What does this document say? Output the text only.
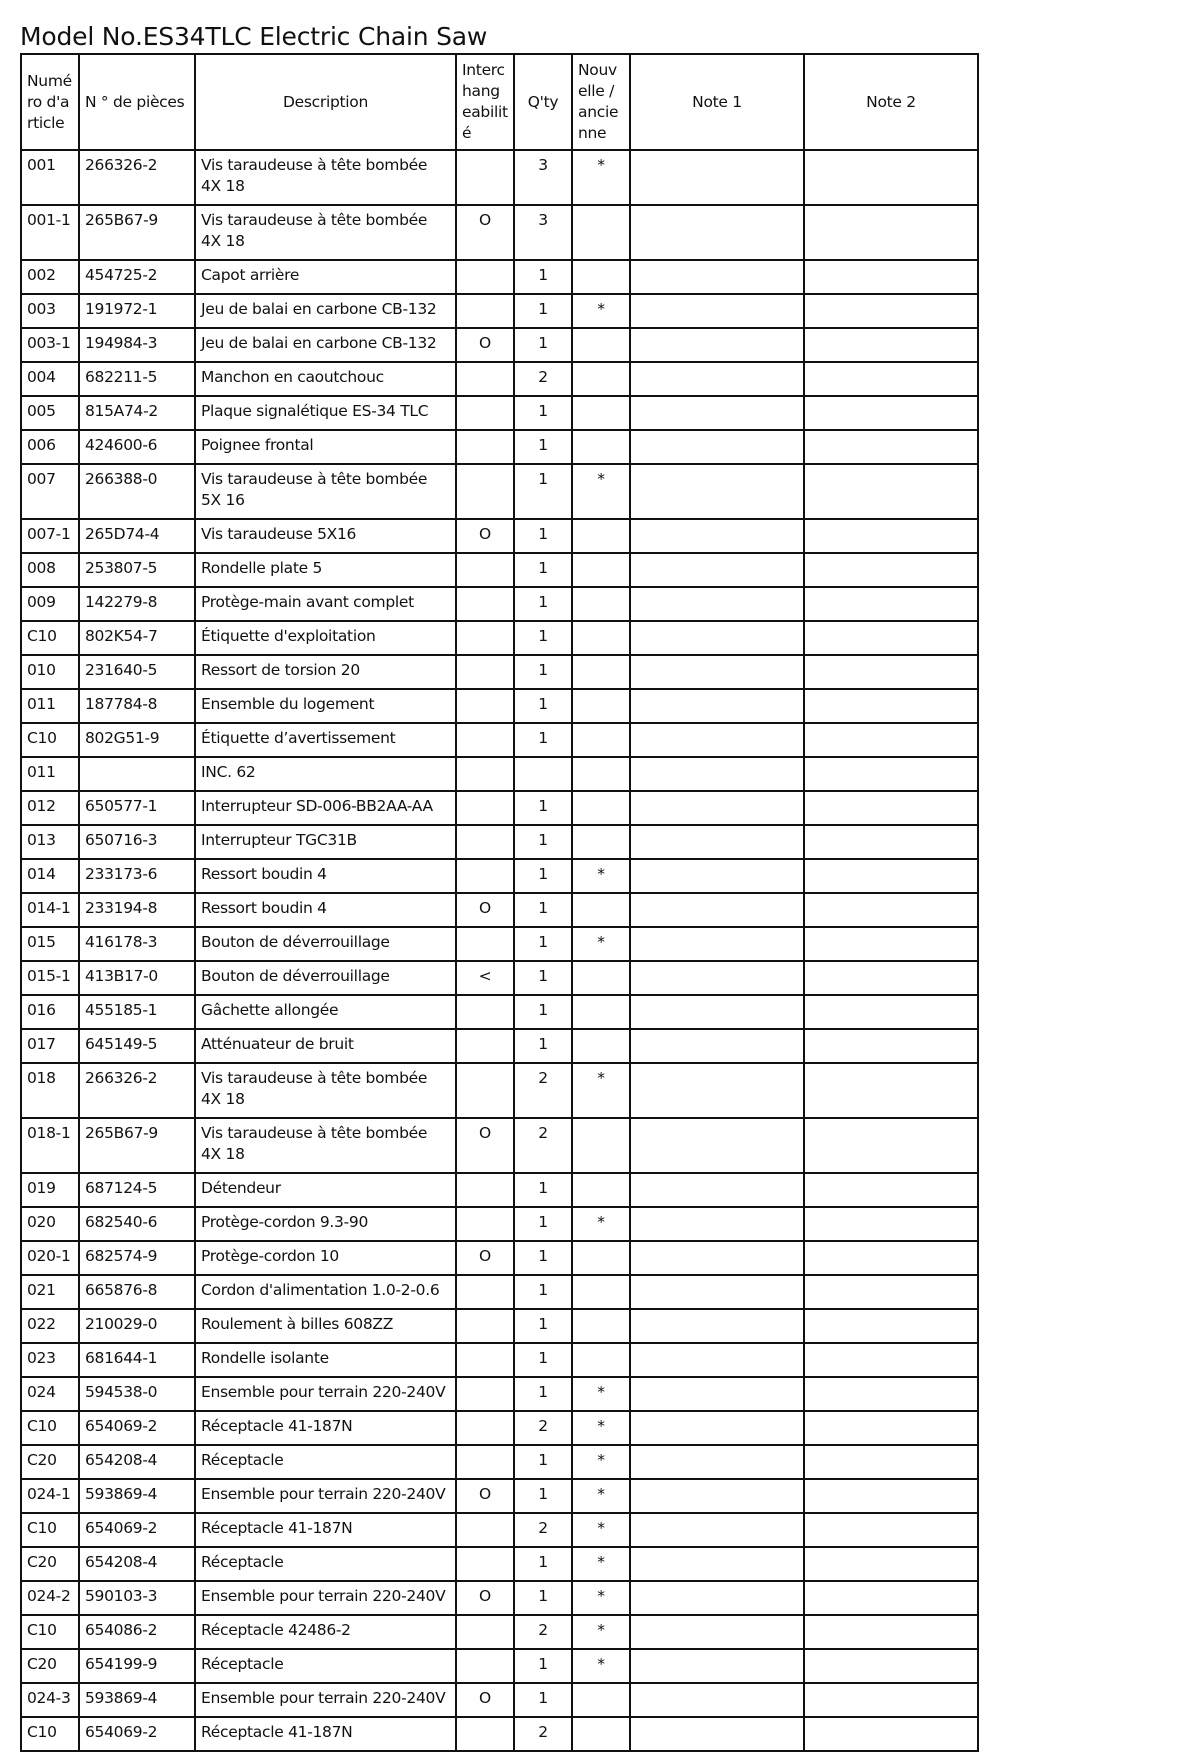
Model No.ES34TLC Electric Chain Saw
Numé ro d'a rticle	N ° de pièces	Description	Interc hang eabilit é	Q'ty	Nouv elle / ancie nne	Note 1	Note 2
001	266326-2	Vis taraudeuse à tête bombée 4X 18		3	*		
001-1	265B67-9	Vis taraudeuse à tête bombée 4X 18	O	3			
002	454725-2	Capot arrière		1			
003	191972-1	Jeu de balai en carbone CB-132		1	*		
003-1	194984-3	Jeu de balai en carbone CB-132	O	1			
004	682211-5	Manchon en caoutchouc		2			
005	815A74-2	Plaque signalétique ES-34 TLC		1			
006	424600-6	Poignee frontal		1			
007	266388-0	Vis taraudeuse à tête bombée 5X 16		1	*		
007-1	265D74-4	Vis taraudeuse 5X16	O	1			
008	253807-5	Rondelle plate 5		1			
009	142279-8	Protège-main avant complet		1			
C10	802K54-7	Étiquette d'exploitation		1			
010	231640-5	Ressort de torsion 20		1			
011	187784-8	Ensemble du logement		1			
C10	802G51-9	Étiquette d’avertissement		1			
011		INC. 62					
012	650577-1	Interrupteur SD-006-BB2AA-AA		1			
013	650716-3	Interrupteur TGC31B		1			
014	233173-6	Ressort boudin 4		1	*		
014-1	233194-8	Ressort boudin 4	O	1			
015	416178-3	Bouton de déverrouillage		1	*		
015-1	413B17-0	Bouton de déverrouillage	<	1			
016	455185-1	Gâchette allongée		1			
017	645149-5	Atténuateur de bruit		1			
018	266326-2	Vis taraudeuse à tête bombée 4X 18		2	*		
018-1	265B67-9	Vis taraudeuse à tête bombée 4X 18	O	2			
019	687124-5	Détendeur		1			
020	682540-6	Protège-cordon 9.3-90		1	*		
020-1	682574-9	Protège-cordon 10	O	1			
021	665876-8	Cordon d'alimentation 1.0-2-0.6		1			
022	210029-0	Roulement à billes 608ZZ		1			
023	681644-1	Rondelle isolante		1			
024	594538-0	Ensemble pour terrain 220-240V		1	*		
C10	654069-2	Réceptacle 41-187N		2	*		
C20	654208-4	Réceptacle		1	*		
024-1	593869-4	Ensemble pour terrain 220-240V	O	1	*		
C10	654069-2	Réceptacle 41-187N		2	*		
C20	654208-4	Réceptacle		1	*		
024-2	590103-3	Ensemble pour terrain 220-240V	O	1	*		
C10	654086-2	Réceptacle 42486-2		2	*		
C20	654199-9	Réceptacle		1	*		
024-3	593869-4	Ensemble pour terrain 220-240V	O	1			
C10	654069-2	Réceptacle 41-187N		2			
